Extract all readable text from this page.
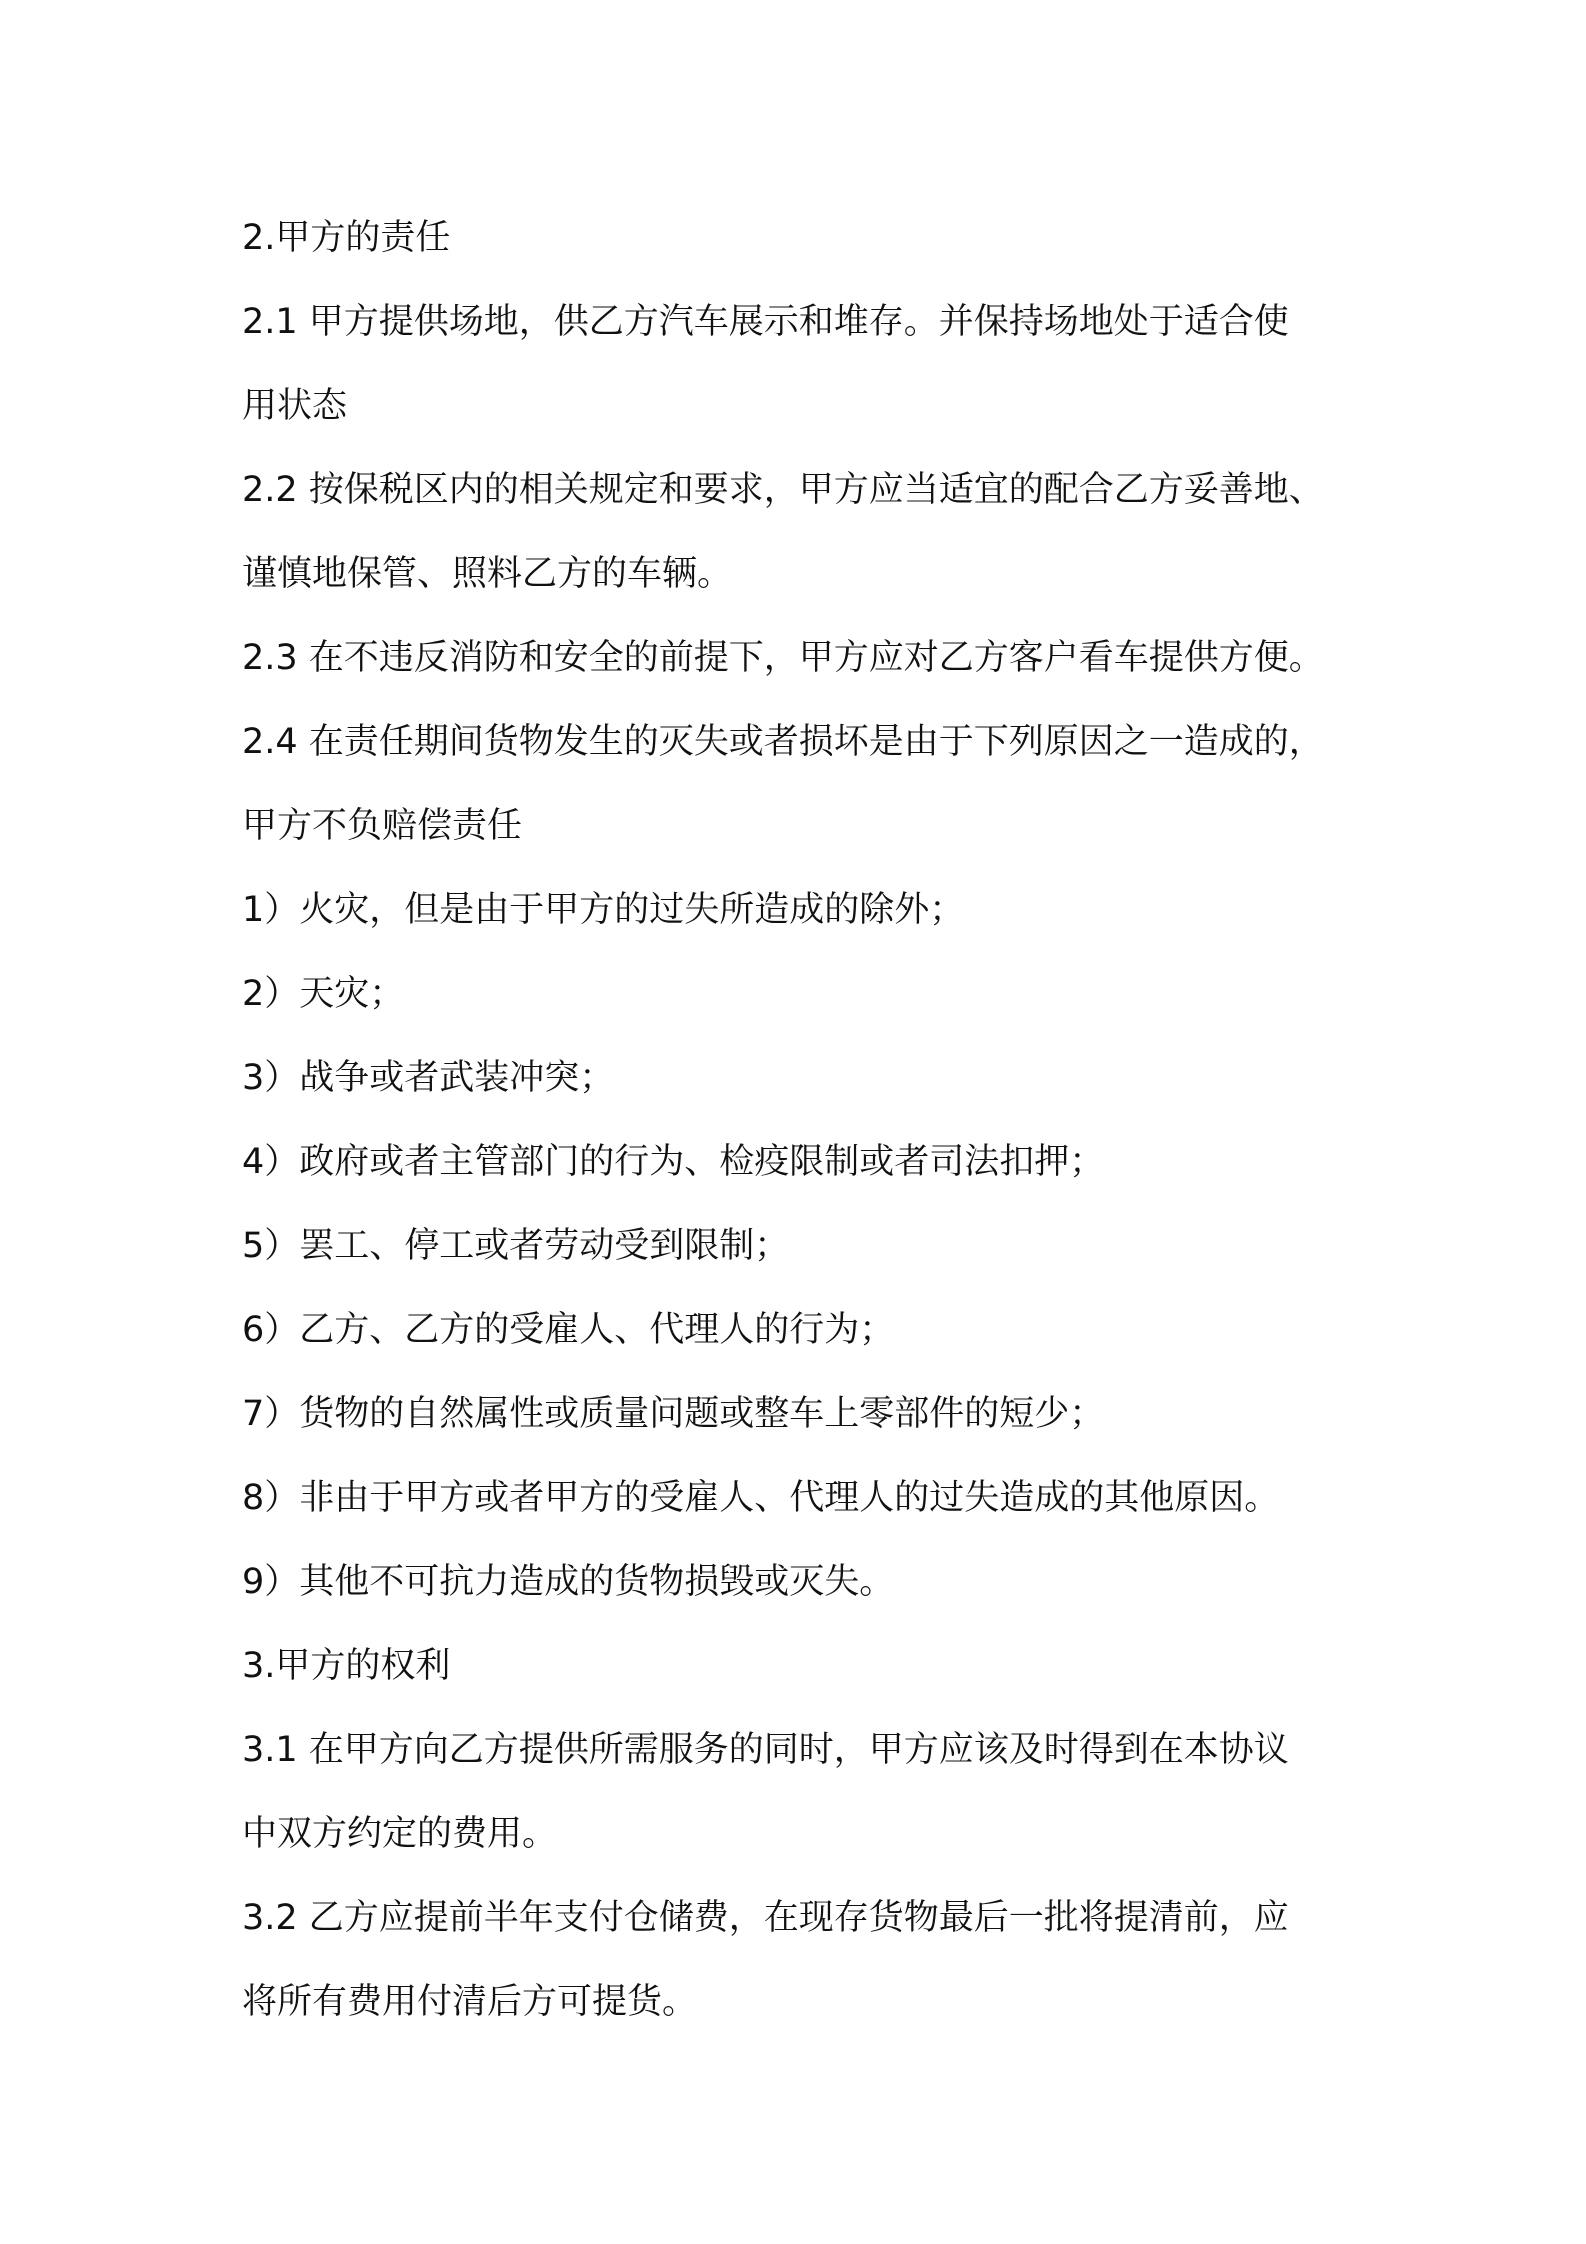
2.甲方的责任
2.1 甲方提供场地，供乙方汽车展示和堆存。并保持场地处于适合使
用状态
2.2 按保税区内的相关规定和要求，甲方应当适宜的配合乙方妥善地、
谨慎地保管、照料乙方的车辆。
2.3 在不违反消防和安全的前提下，甲方应对乙方客户看车提供方便。
2.4 在责任期间货物发生的灭失或者损坏是由于下列原因之一造成的，
甲方不负赔偿责任
1）火灾，但是由于甲方的过失所造成的除外；
2）天灾；
3）战争或者武装冲突；
4）政府或者主管部门的行为、检疫限制或者司法扣押；
5）罢工、停工或者劳动受到限制；
6）乙方、乙方的受雇人、代理人的行为；
7）货物的自然属性或质量问题或整车上零部件的短少；
8）非由于甲方或者甲方的受雇人、代理人的过失造成的其他原因。
9）其他不可抗力造成的货物损毁或灭失。
3.甲方的权利
3.1 在甲方向乙方提供所需服务的同时，甲方应该及时得到在本协议
中双方约定的费用。
3.2 乙方应提前半年支付仓储费，在现存货物最后一批将提清前，应
将所有费用付清后方可提货。
